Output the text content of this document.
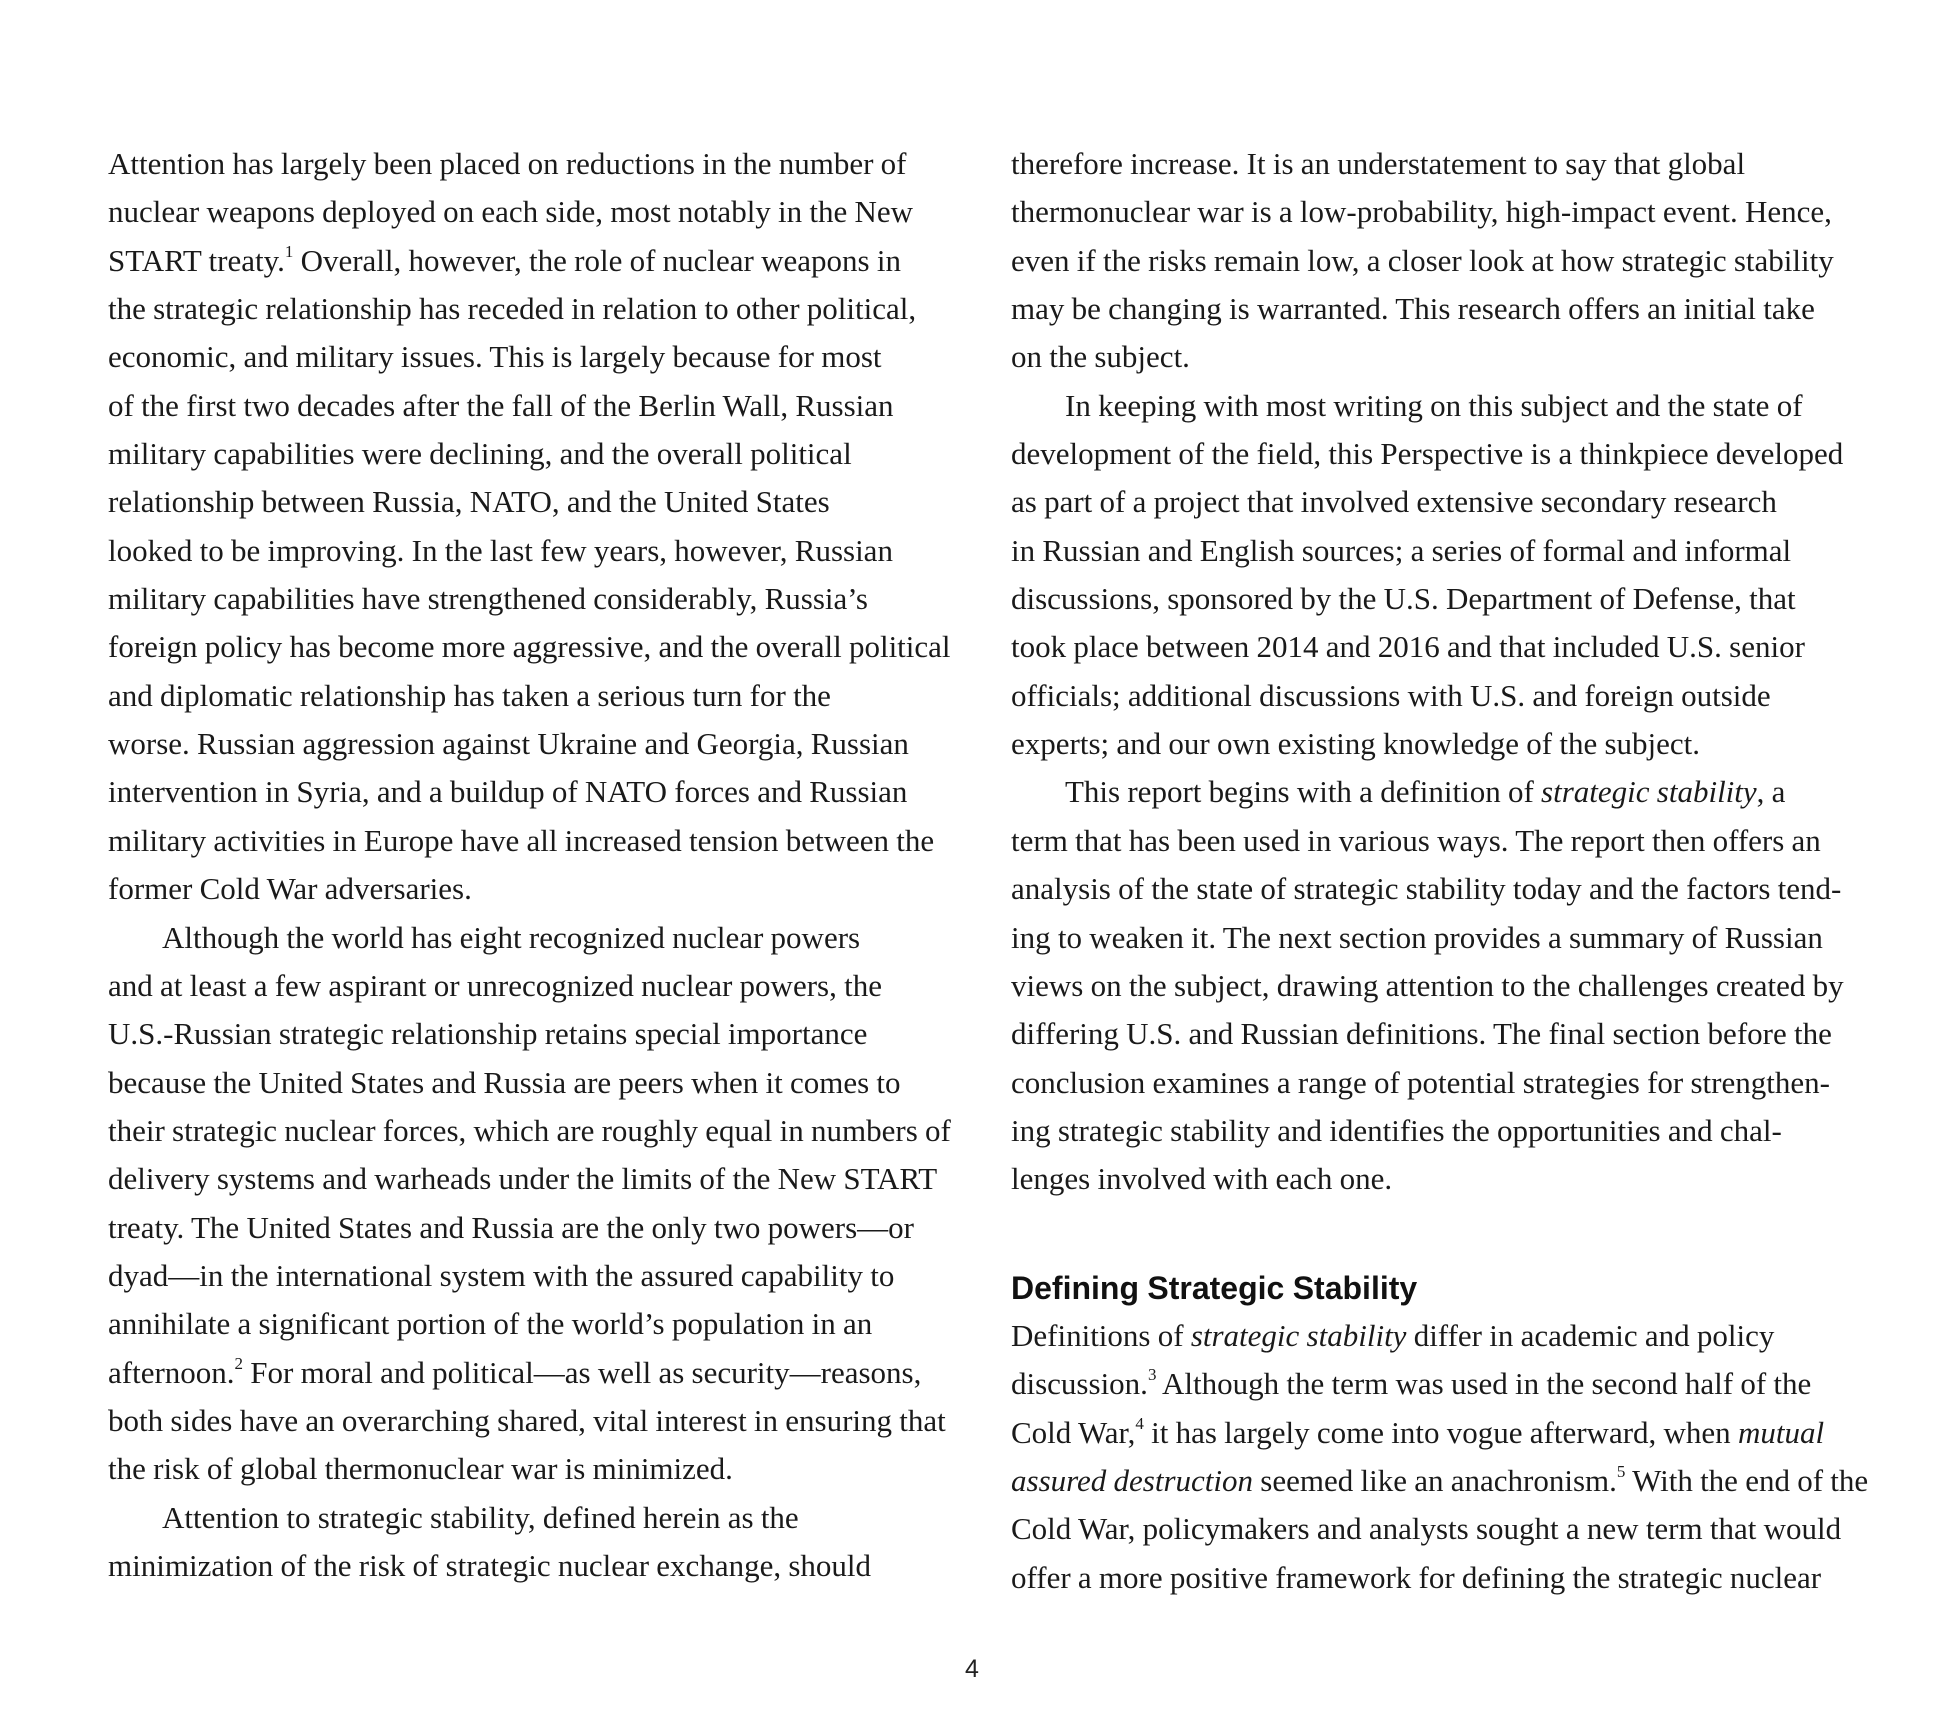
Attention has largely been placed on reductions in the number of
nuclear weapons deployed on each side, most notably in the New
START treaty.$^1$ Overall, however, the role of nuclear weapons in
the strategic relationship has receded in relation to other political,
economic, and military issues. This is largely because for most
of the first two decades after the fall of the Berlin Wall, Russian
military capabilities were declining, and the overall political
relationship between Russia, NATO, and the United States
looked to be improving. In the last few years, however, Russian
military capabilities have strengthened considerably, Russia’s
foreign policy has become more aggressive, and the overall political
and diplomatic relationship has taken a serious turn for the
worse. Russian aggression against Ukraine and Georgia, Russian
intervention in Syria, and a buildup of NATO forces and Russian
military activities in Europe have all increased tension between the
former Cold War adversaries.
Although the world has eight recognized nuclear powers
and at least a few aspirant or unrecognized nuclear powers, the
U.S.-Russian strategic relationship retains special importance
because the United States and Russia are peers when it comes to
their strategic nuclear forces, which are roughly equal in numbers of
delivery systems and warheads under the limits of the New START
treaty. The United States and Russia are the only two powers—or
dyad—in the international system with the assured capability to
annihilate a significant portion of the world’s population in an
afternoon.$^2$ For moral and political—as well as security—reasons,
both sides have an overarching shared, vital interest in ensuring that
the risk of global thermonuclear war is minimized.
Attention to strategic stability, defined herein as the
minimization of the risk of strategic nuclear exchange, should
therefore increase. It is an understatement to say that global
thermonuclear war is a low-probability, high-impact event. Hence,
even if the risks remain low, a closer look at how strategic stability
may be changing is warranted. This research offers an initial take
on the subject.
In keeping with most writing on this subject and the state of
development of the field, this Perspective is a thinkpiece developed
as part of a project that involved extensive secondary research
in Russian and English sources; a series of formal and informal
discussions, sponsored by the U.S. Department of Defense, that
took place between 2014 and 2016 and that included U.S. senior
officials; additional discussions with U.S. and foreign outside
experts; and our own existing knowledge of the subject.
This report begins with a definition of strategic stability, a
term that has been used in various ways. The report then offers an
analysis of the state of strategic stability today and the factors tend-
ing to weaken it. The next section provides a summary of Russian
views on the subject, drawing attention to the challenges created by
differing U.S. and Russian definitions. The final section before the
conclusion examines a range of potential strategies for strengthen-
ing strategic stability and identifies the opportunities and chal-
lenges involved with each one.
Defining Strategic Stability
Definitions of strategic stability differ in academic and policy
discussion.$^3$ Although the term was used in the second half of the
Cold War,$^4$ it has largely come into vogue afterward, when mutual
assured destruction seemed like an anachronism.$^5$ With the end of the
Cold War, policymakers and analysts sought a new term that would
offer a more positive framework for defining the strategic nuclear
4
